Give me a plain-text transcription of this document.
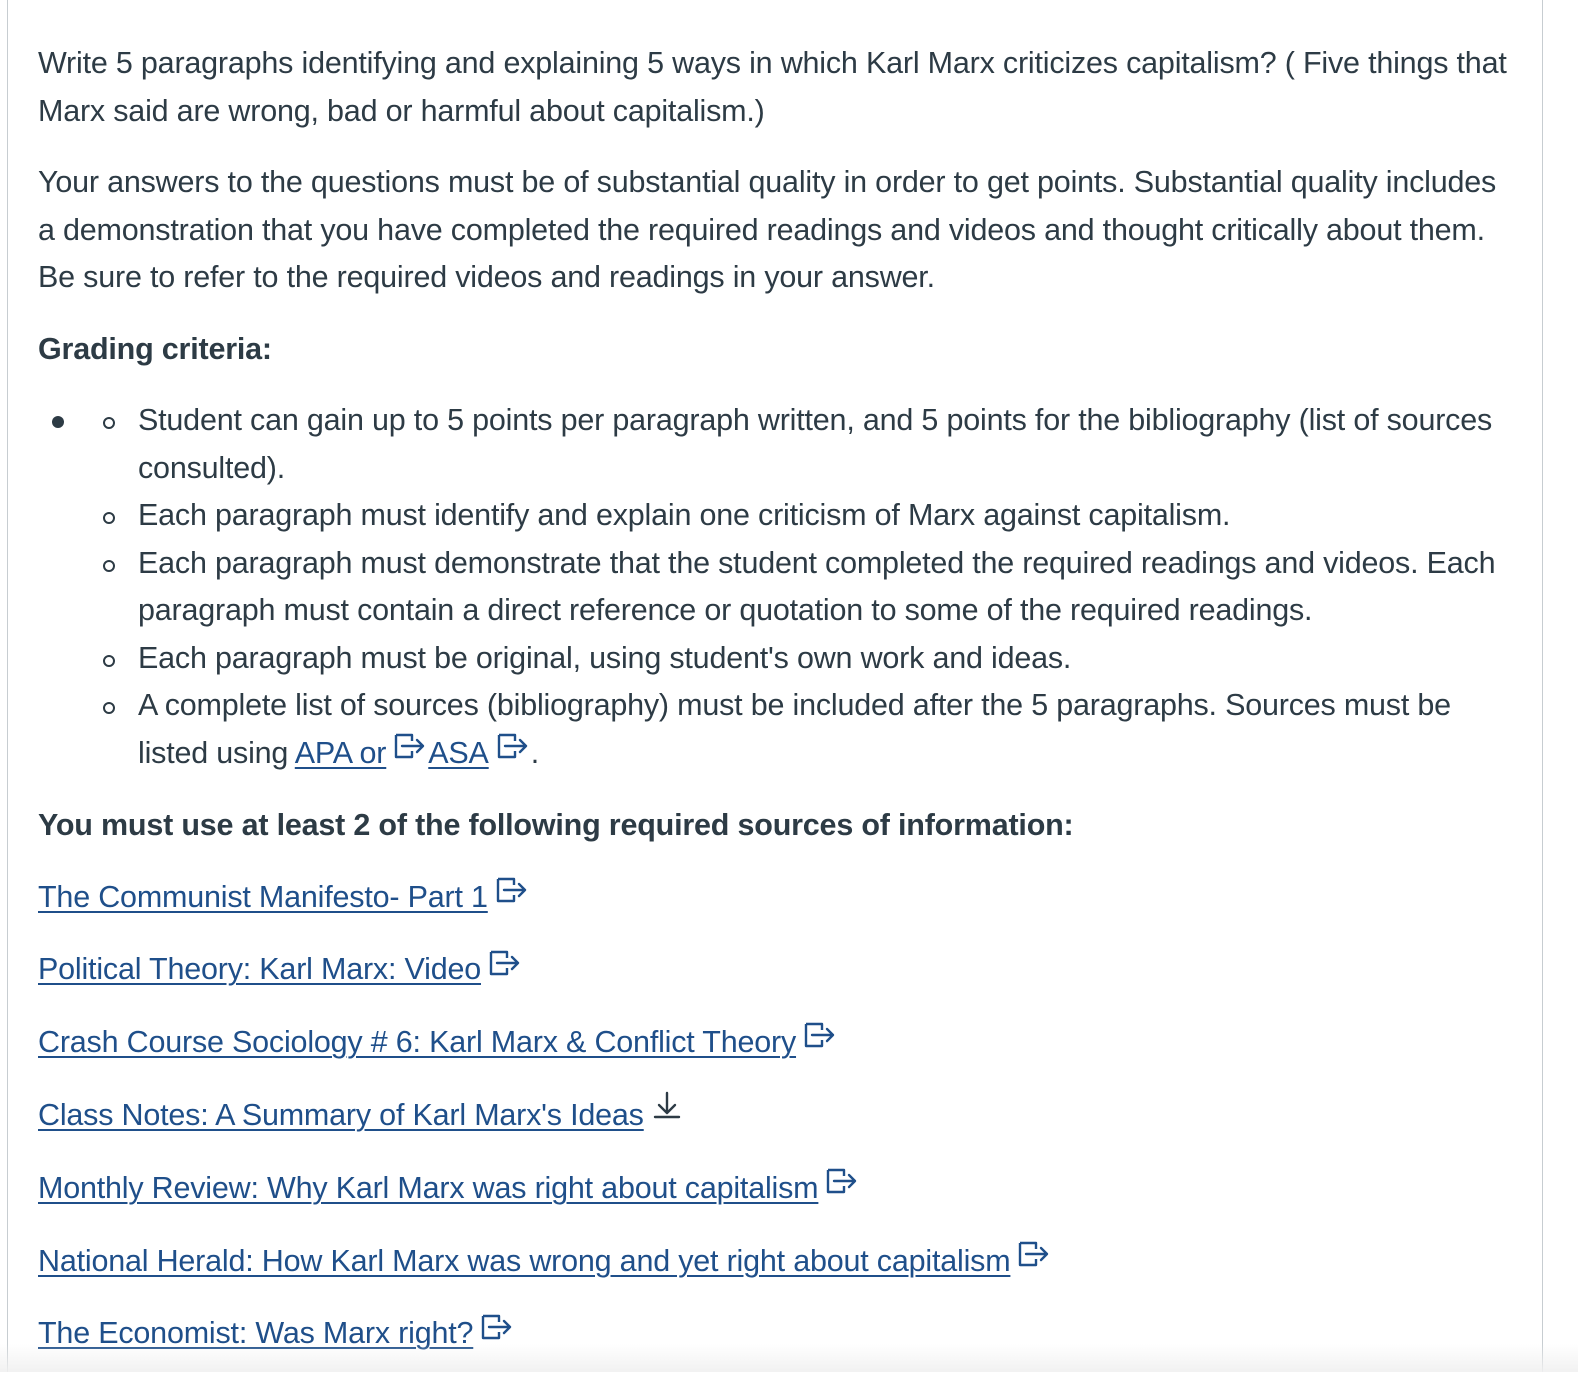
Write 5 paragraphs identifying and explaining 5 ways in which Karl Marx criticizes capitalism? ( Five things that Marx said are wrong, bad or harmful about capitalism.)

Your answers to the questions must be of substantial quality in order to get points. Substantial quality includes a demonstration that you have completed the required readings and videos and thought critically about them. Be sure to refer to the required videos and readings in your answer.

Grading criteria:

Student can gain up to 5 points per paragraph written, and 5 points for the bibliography (list of sources consulted).
Each paragraph must identify and explain one criticism of Marx against capitalism.
Each paragraph must demonstrate that the student completed the required readings and videos. Each paragraph must contain a direct reference or quotation to some of the required readings.
Each paragraph must be original, using student's own work and ideas.
A complete list of sources (bibliography) must be included after the 5 paragraphs. Sources must be listed using APA or ASA .

You must use at least 2 of the following required sources of information:

The Communist Manifesto- Part 1

Political Theory: Karl Marx: Video

Crash Course Sociology # 6: Karl Marx & Conflict Theory

Class Notes: A Summary of Karl Marx's Ideas

Monthly Review: Why Karl Marx was right about capitalism

National Herald: How Karl Marx was wrong and yet right about capitalism

The Economist: Was Marx right?
